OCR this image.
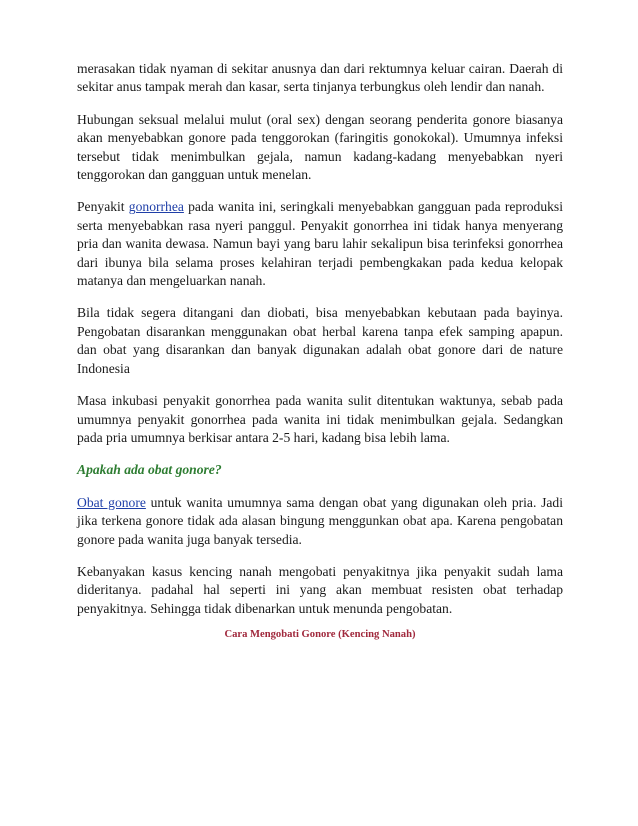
merasakan tidak nyaman di sekitar anusnya dan dari rektumnya keluar cairan. Daerah di sekitar anus tampak merah dan kasar, serta tinjanya terbungkus oleh lendir dan nanah.

Hubungan seksual melalui mulut (oral sex) dengan seorang penderita gonore biasanya akan menyebabkan gonore pada tenggorokan (faringitis gonokokal). Umumnya infeksi tersebut tidak menimbulkan gejala, namun kadang-kadang menyebabkan nyeri tenggorokan dan gangguan untuk menelan.

Penyakit gonorrhea pada wanita ini, seringkali menyebabkan gangguan pada reproduksi serta menyebabkan rasa nyeri panggul. Penyakit gonorrhea ini tidak hanya menyerang pria dan wanita dewasa. Namun bayi yang baru lahir sekalipun bisa terinfeksi gonorrhea dari ibunya bila selama proses kelahiran terjadi pembengkakan pada kedua kelopak matanya dan mengeluarkan nanah.

Bila tidak segera ditangani dan diobati, bisa menyebabkan kebutaan pada bayinya. Pengobatan disarankan menggunakan obat herbal karena tanpa efek samping apapun. dan obat yang disarankan dan banyak digunakan adalah obat gonore dari de nature Indonesia

Masa inkubasi penyakit gonorrhea pada wanita sulit ditentukan waktunya, sebab pada umumnya penyakit gonorrhea pada wanita ini tidak menimbulkan gejala. Sedangkan pada pria umumnya berkisar antara 2-5 hari, kadang bisa lebih lama.

Apakah ada obat gonore?

Obat gonore untuk wanita umumnya sama dengan obat yang digunakan oleh pria. Jadi jika terkena gonore tidak ada alasan bingung menggunkan obat apa. Karena pengobatan gonore pada wanita juga banyak tersedia.

Kebanyakan kasus kencing nanah mengobati penyakitnya jika penyakit sudah lama dideritanya. padahal hal seperti ini yang akan membuat resisten obat terhadap penyakitnya. Sehingga tidak dibenarkan untuk menunda pengobatan.

Cara Mengobati Gonore (Kencing Nanah)
